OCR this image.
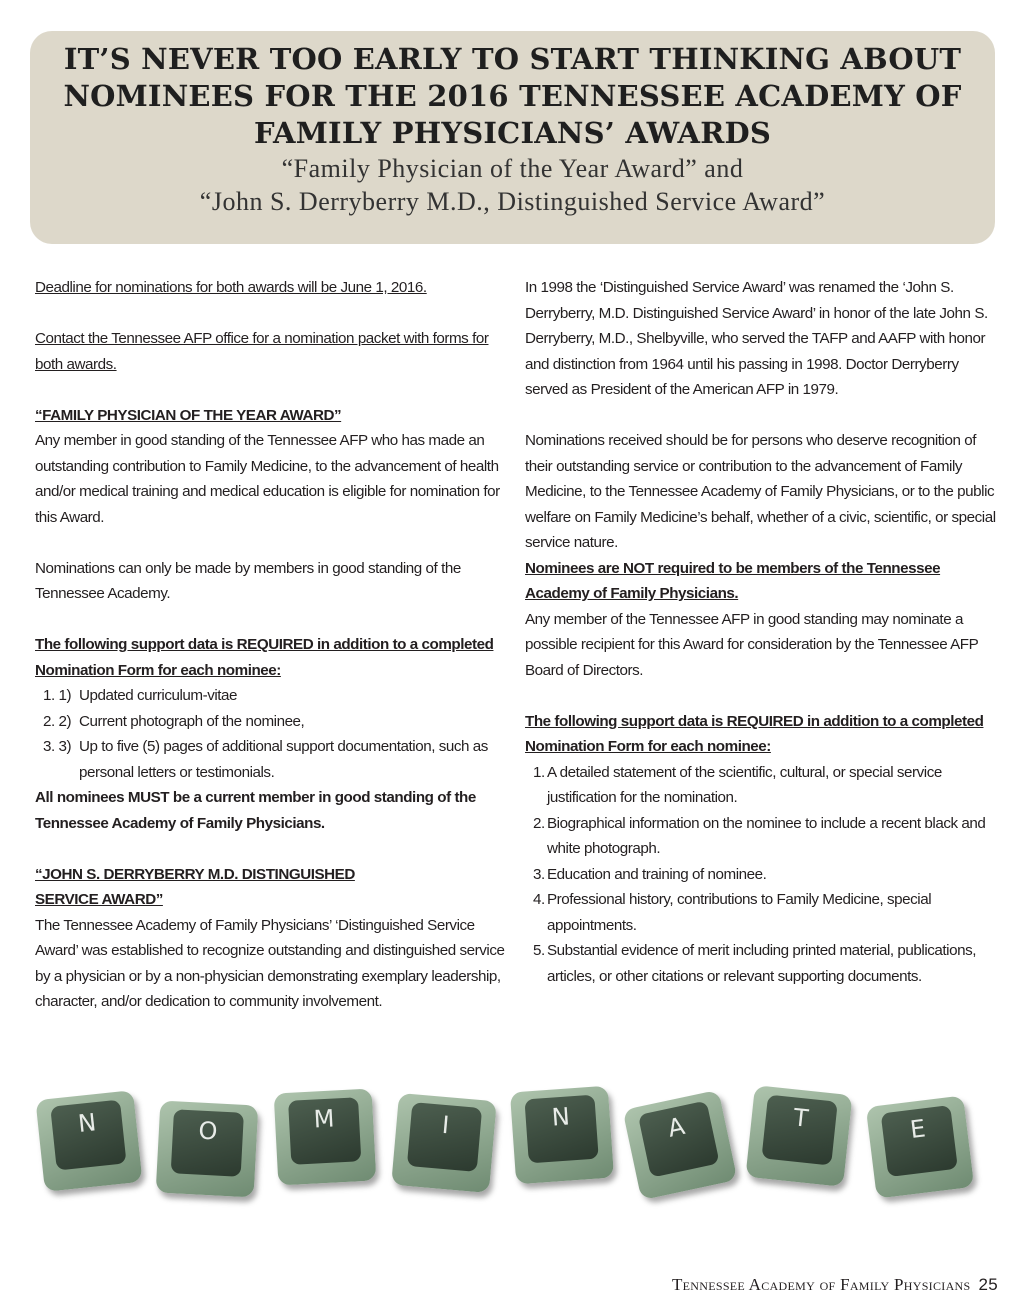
IT’S NEVER TOO EARLY TO START THINKING ABOUT NOMINEES FOR THE 2016 TENNESSEE ACADEMY OF FAMILY PHYSICIANS’ AWARDS
“Family Physician of the Year Award” and
“John S. Derryberry M.D., Distinguished Service Award”

Deadline for nominations for both awards will be June 1, 2016.

Contact the Tennessee AFP office for a nomination packet with forms for both awards.

“FAMILY PHYSICIAN OF THE YEAR AWARD”

Any member in good standing of the Tennessee AFP who has made an outstanding contribution to Family Medicine, to the advancement of health and/or medical training and medical education is eligible for nomination for this Award.

Nominations can only be made by members in good standing of the Tennessee Academy.

The following support data is REQUIRED in addition to a completed Nomination Form for each nominee:

1. 1) Updated curriculum-vitae
2. 2) Current photograph of the nominee,
3. 3) Up to five (5) pages of additional support documentation, such as personal letters or testimonials.

All nominees MUST be a current member in good standing of the Tennessee Academy of Family Physicians.

“JOHN S. DERRYBERRY M.D. DISTINGUISHED SERVICE AWARD”

The Tennessee Academy of Family Physicians’ ‘Distinguished Service Award’ was established to recognize outstanding and distinguished service by a physician or by a non-physician demonstrating exemplary leadership, character, and/or dedication to community involvement.

In 1998 the ‘Distinguished Service Award’ was renamed the ‘John S. Derryberry, M.D. Distinguished Service Award’ in honor of the late John S. Derryberry, M.D., Shelbyville, who served the TAFP and AAFP with honor and distinction from 1964 until his passing in 1998. Doctor Derryberry served as President of the American AFP in 1979.

Nominations received should be for persons who deserve recognition of their outstanding service or contribution to the advancement of Family Medicine, to the Tennessee Academy of Family Physicians, or to the public welfare on Family Medicine’s behalf, whether of a civic, scientific, or special service nature.

Nominees are NOT required to be members of the Tennessee Academy of Family Physicians.

Any member of the Tennessee AFP in good standing may nominate a possible recipient for this Award for consideration by the Tennessee AFP Board of Directors.

The following support data is REQUIRED in addition to a completed Nomination Form for each nominee:

1. A detailed statement of the scientific, cultural, or special service justification for the nomination.
2. Biographical information on the nominee to include a recent black and white photograph.
3. Education and training of nominee.
4. Professional history, contributions to Family Medicine, special appointments.
5. Substantial evidence of merit including printed material, publications, articles, or other citations or relevant supporting documents.
N	O	M	I	N	A	T	E
Tennessee Academy of Family Physicians 25
